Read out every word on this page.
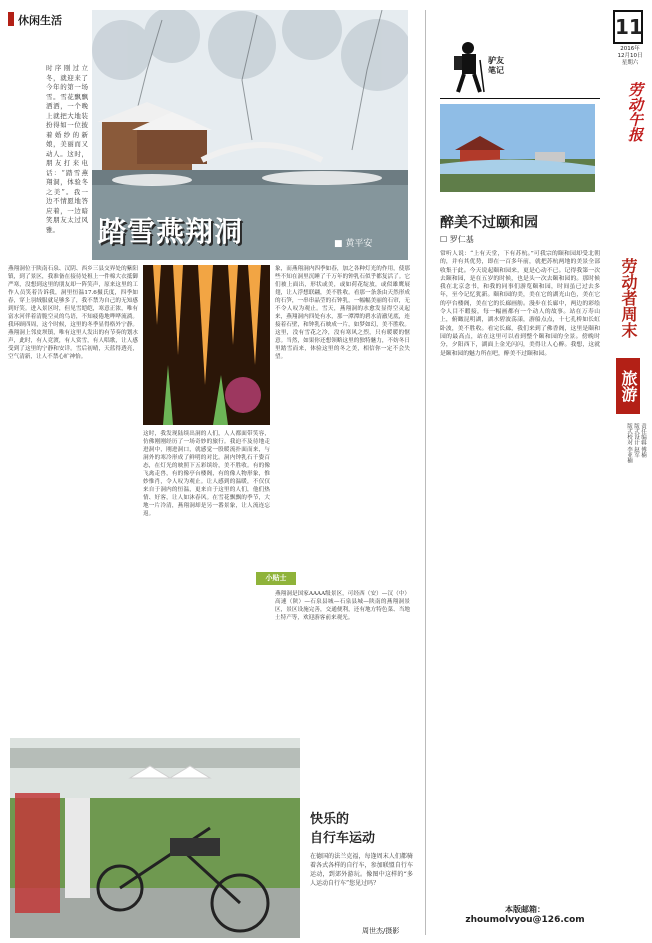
休闲生活
踏雪燕翔洞	■ 黄平安
时序刚过立冬，就迎来了今年的第一场雪。雪花飘飘洒洒，一个晚上就把大地装扮得如一位披着婚纱的新娘，美丽而又动人。这时，朋友打来电话：“踏雪燕翔洞，体验冬之美”。我一边不情愿地答应着，一边暗笑朋友太过风雅。
燕翔洞位于陕南石泉、汉阴、西乡三县交界处的紫阳镇，到了景区，我准备在接待处租上一件棉大衣抵御严寒，没想到这里的朋友却一阵笑声，原来这里的工作人员笑着告诉我，洞里恒温17.6摄氏度，四季如春，穿上羽绒服就足够多了，我不禁为自己的无知感到好笑。进入景区时，但见雪皑皑，寒意正浓，唯有富水河伴着清脆空灵的鸟语，不知疲倦地哗哗流淌。我环顾四周，这个时候，这里的冬季显得格外宁静。燕翔洞上邻皮坝镇，唯有这里人发出的有节奏的划水声，此时，有人竞渡，有人赏雪，有人唱歌，让人感受到了这里的宁静和安详。雪后初晴，天蓝得透亮，空气清新，让人不禁心旷神怡。
这时，我发现陆续出洞的人们，人人都面带笑容，仿佛刚刚经历了一场奇妙的旅行。我迫不及待地走进洞中，刚进洞口，就感觉一股暖流扑面而来，与洞外的寒冷形成了鲜明的对比。洞内钟乳石千姿百态，在灯光的映照下五彩缤纷，美不胜收。有的像飞禽走兽，有的像亭台楼阁，有的像人物形象，惟妙惟肖，令人叹为观止。让人感到的温暖，不仅仅来自于洞内的恒温，更来自于这里的人们，他们热情、好客，让人如沐春风。在雪花飘飘的季节，大地一片冷清，燕翔洞却是另一番景象，让人流连忘返。
象，而燕翔洞内四季如春，加之各种灯光的作用，使那些不知在洞里沉睡了千万年的钟乳石似乎都复活了。它们被上面出，形状或美，或如荷花绽放，或似雄鹰展翅，让人浮想联翩，美不胜收。看那一条条由天然形成的石笋，一串串晶莹的石钟乳，一幅幅美丽的石帘，无不令人叹为观止。雪天，燕翔洞的水愈发显得空灵起来，燕翔洞内四处有水，那一潭潭的碧水清澈见底，连接着石壁，和钟乳石映成一片，如梦如幻，美不胜收。这里，没有雪花之冷，没有寒风之烈，只有暖暖的惬意。当然，如果你还想领略这里的独特魅力，不妨冬日里踏雪而来，体验这里的冬之美，相信你一定不会失望。
小贴士
燕翔洞是国家AAAA级景区，可经西（安）—汉（中）高速（陕）—石泉县城—石泉县城—陕南的燕翔洞景区，景区设施完善，交通便利，还有地方特色菜、当地土特产等，欢迎游客前来观光。
快乐的
自行车运动
在德国的法兰克福，每逢周末人们都骑着各式各样的自行车，参加联盟自行车运动，到郊外游玩。像图中这样的“多人运动自行车”您见过吗？
周世杰/摄影
11
2016年
12月10日
星期六
劳动午报
劳动者周末
旅游
责任编辑 傅楠
版式设计 赵军
版式校对 李亚楠
驴友
笔记
醉美不过颐和园
☐ 罗仁基
常听人说：“上有天堂，下有苏杭。”可我宗的颐和园却受北朝的，并有其优势，即在一百多年前，就把苏杭两地的美景全部收集于此。今天说起颐和园来，更是心动不已。记得我第一次去颐和园，是在五岁的时候，也是头一次去颐和园的。那时候我在北京念书，和我的同事们游览颐和园，时间虽已过去多年，至今记忆犹新。颐和园的美，美在它的湖光山色，美在它的亭台楼阁，美在它的长廊画舫。漫步在长廊中，两边的彩绘令人目不暇接，每一幅画都有一个动人的故事。站在万寿山上，俯瞰昆明湖，湖水碧波荡漾，游船点点，十七孔桥如长虹卧波，美不胜收。看完长廊，我们来到了佛香阁，这里是颐和园的最高点，站在这里可以看到整个颐和园的全景。傍晚时分，夕阳西下，湖面上金光闪闪，美得让人心醉。我想，这就是颐和园的魅力所在吧，醉美不过颐和园。
本版邮箱：
zhoumolvyou@126.com
